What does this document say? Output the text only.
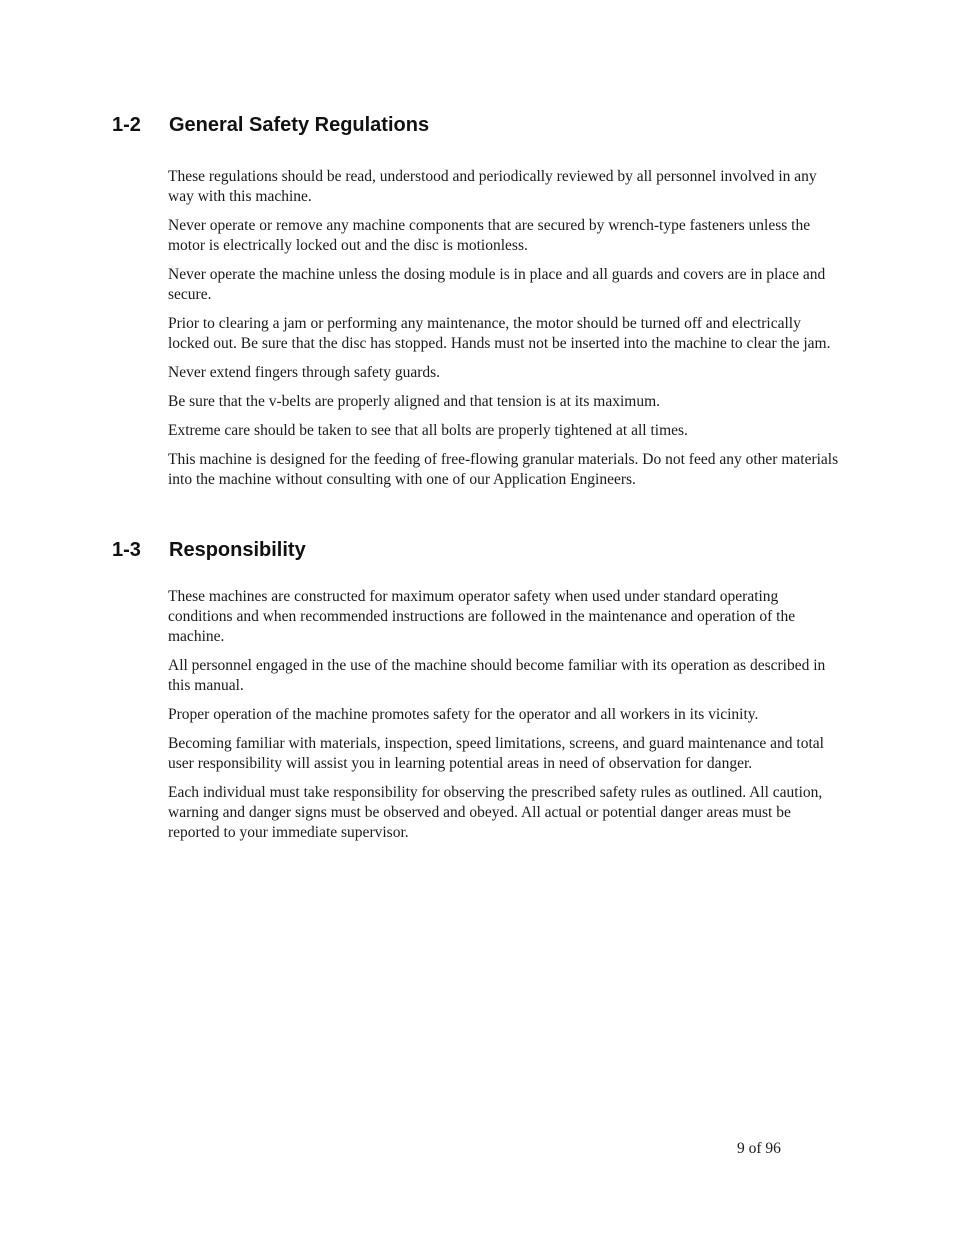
1-2 General Safety Regulations

These regulations should be read, understood and periodically reviewed by all personnel involved in any way with this machine.

Never operate or remove any machine components that are secured by wrench-type fasteners unless the motor is electrically locked out and the disc is motionless.

Never operate the machine unless the dosing module is in place and all guards and covers are in place and secure.

Prior to clearing a jam or performing any maintenance, the motor should be turned off and electrically locked out. Be sure that the disc has stopped. Hands must not be inserted into the machine to clear the jam.

Never extend fingers through safety guards.

Be sure that the v-belts are properly aligned and that tension is at its maximum.

Extreme care should be taken to see that all bolts are properly tightened at all times.

This machine is designed for the feeding of free-flowing granular materials. Do not feed any other materials into the machine without consulting with one of our Application Engineers.

1-3 Responsibility

These machines are constructed for maximum operator safety when used under standard operating conditions and when recommended instructions are followed in the maintenance and operation of the machine.

All personnel engaged in the use of the machine should become familiar with its operation as described in this manual.

Proper operation of the machine promotes safety for the operator and all workers in its vicinity.

Becoming familiar with materials, inspection, speed limitations, screens, and guard maintenance and total user responsibility will assist you in learning potential areas in need of observation for danger.

Each individual must take responsibility for observing the prescribed safety rules as outlined. All caution, warning and danger signs must be observed and obeyed. All actual or potential danger areas must be reported to your immediate supervisor.

9 of 96
